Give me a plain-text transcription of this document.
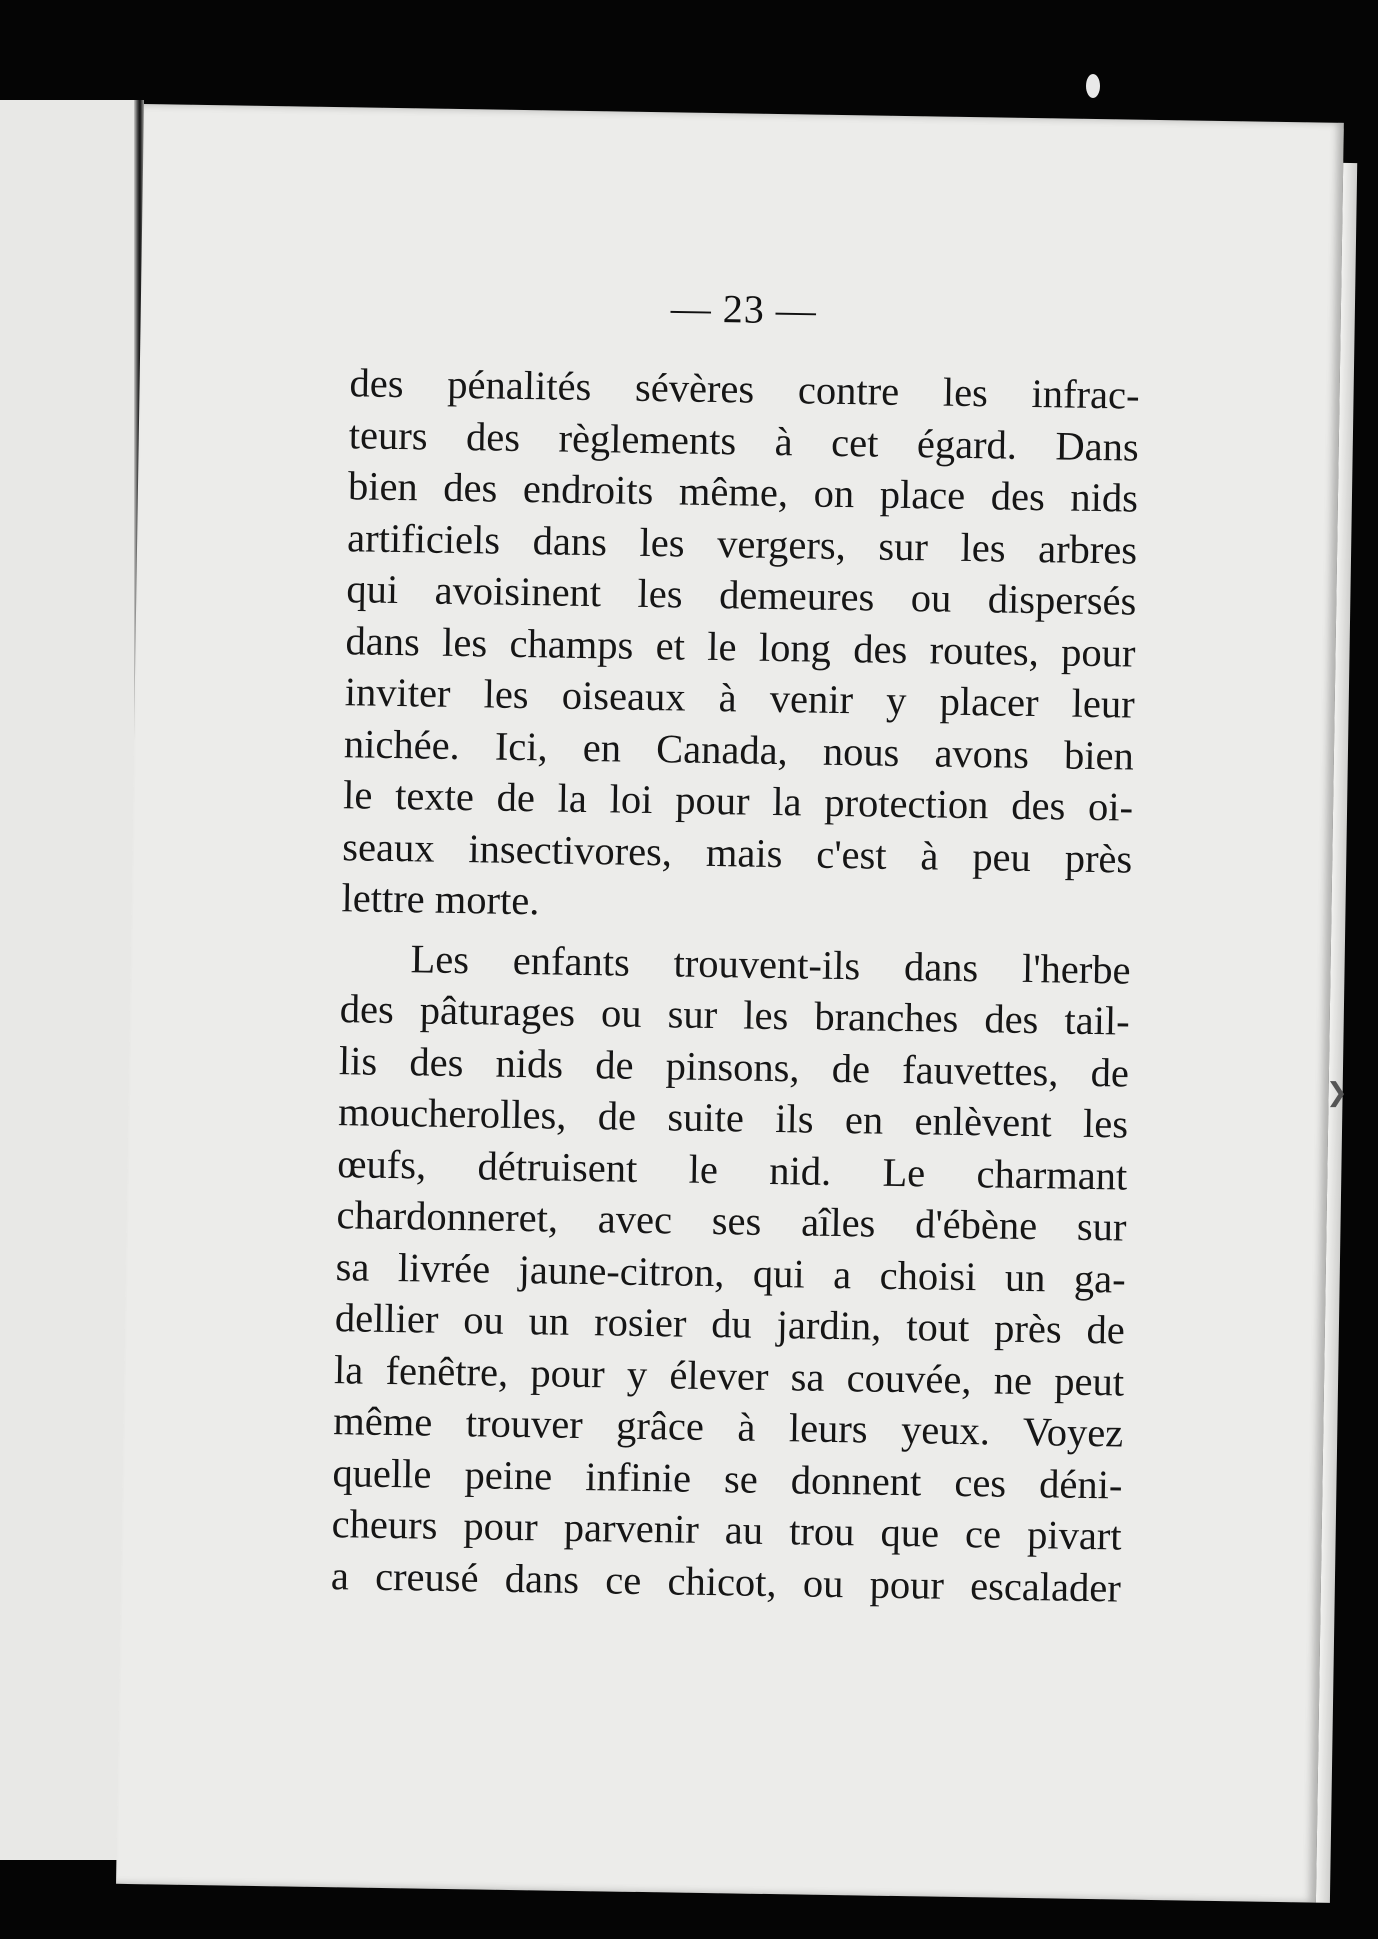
— 23 —
des pénalités sévères contre les infrac-
teurs des règlements à cet égard. Dans
bien des endroits même, on place des nids
artificiels dans les vergers, sur les arbres
qui avoisinent les demeures ou dispersés
dans les champs et le long des routes, pour
inviter les oiseaux à venir y placer leur
nichée. Ici, en Canada, nous avons bien
le texte de la loi pour la protection des oi-
seaux insectivores, mais c'est à peu près
lettre morte.
Les enfants trouvent-ils dans l'herbe
des pâturages ou sur les branches des tail-
lis des nids de pinsons, de fauvettes, de
moucherolles, de suite ils en enlèvent les
œufs, détruisent le nid. Le charmant
chardonneret, avec ses aîles d'ébène sur
sa livrée jaune-citron, qui a choisi un ga-
dellier ou un rosier du jardin, tout près de
la fenêtre, pour y élever sa couvée, ne peut
même trouver grâce à leurs yeux. Voyez
quelle peine infinie se donnent ces déni-
cheurs pour parvenir au trou que ce pivart
a creusé dans ce chicot, ou pour escalader
❯
